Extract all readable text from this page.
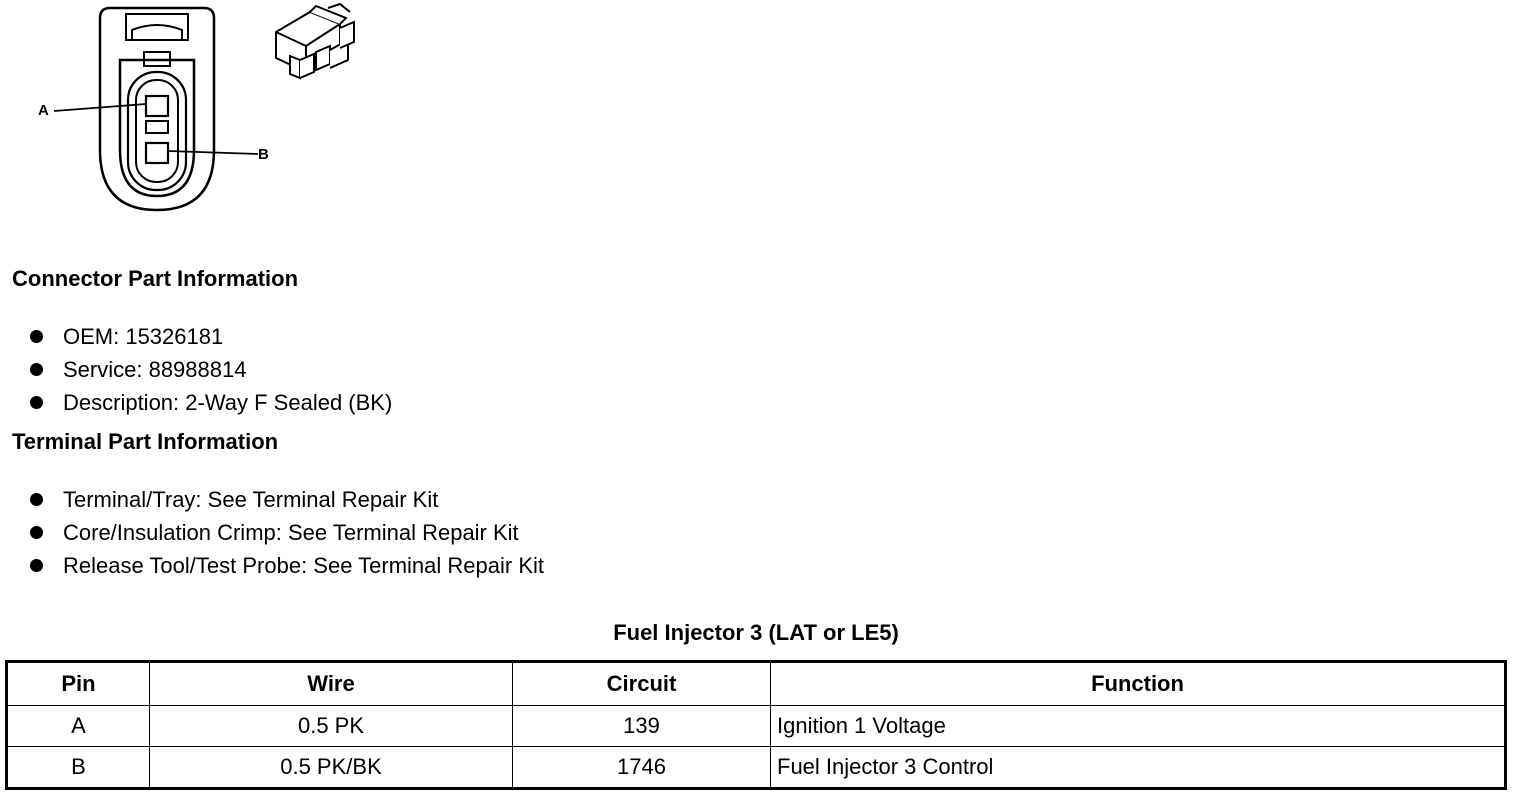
A
B
Connector Part Information
OEM: 15326181
Service: 88988814
Description: 2-Way F Sealed (BK)
Terminal Part Information
Terminal/Tray: See Terminal Repair Kit
Core/Insulation Crimp: See Terminal Repair Kit
Release Tool/Test Probe: See Terminal Repair Kit
Fuel Injector 3 (LAT or LE5)
Pin	Wire	Circuit	Function
A	0.5 PK	139	Ignition 1 Voltage
B	0.5 PK/BK	1746	Fuel Injector 3 Control
